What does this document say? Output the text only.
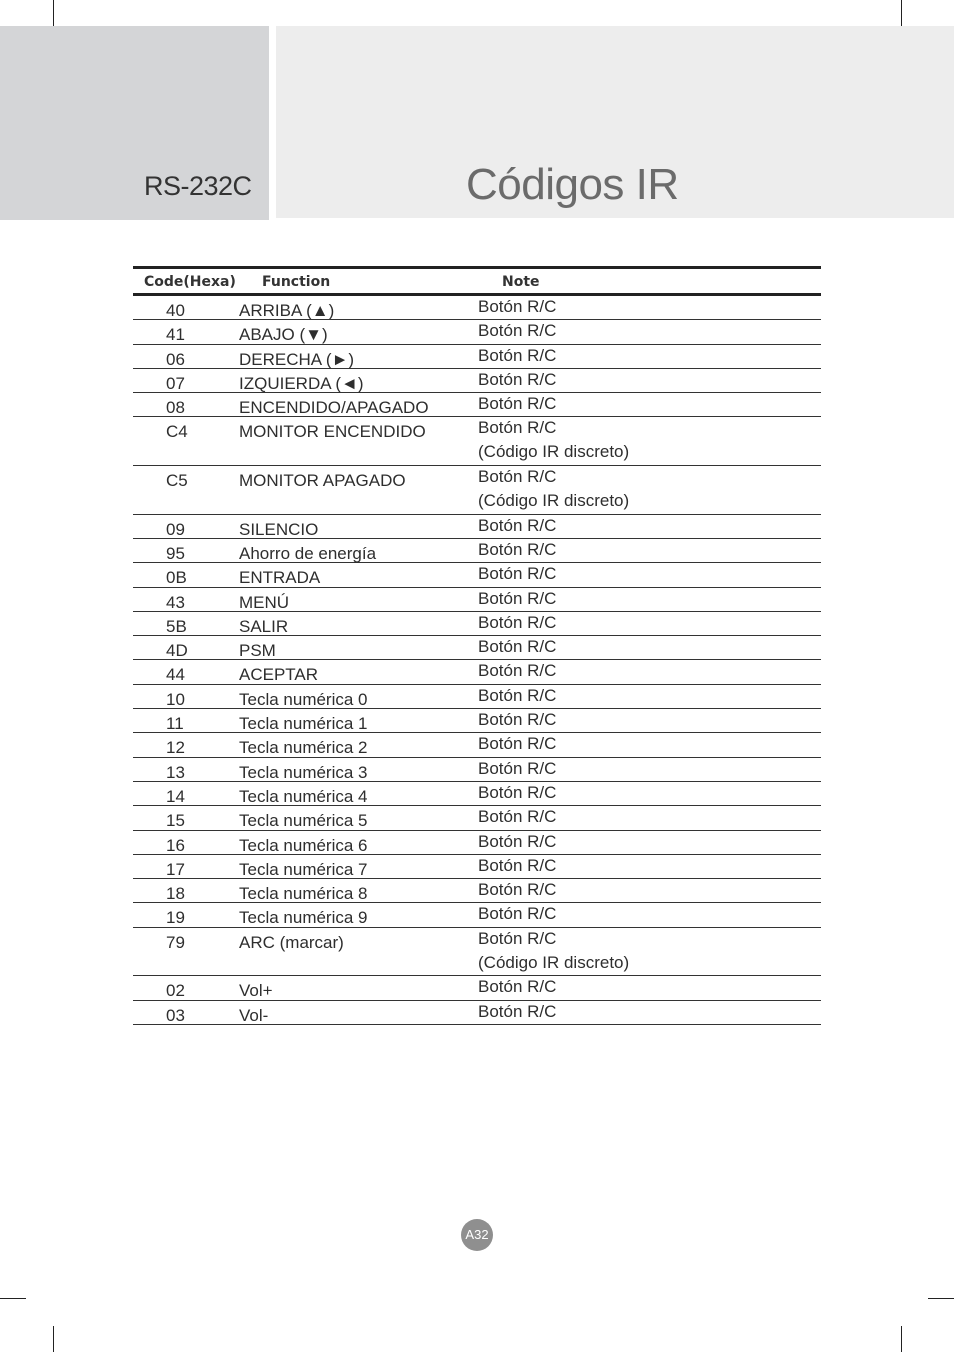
RS-232C	Códigos IR
Code(Hexa) Function	Note
40	ARRIBA (▲)	Botón R/C
41	ABAJO (▼)	Botón R/C
06	DERECHA (►)	Botón R/C
07	IZQUIERDA (◄)	Botón R/C
08	ENCENDIDO/APAGADO	Botón R/C
C4	MONITOR ENCENDIDO	Botón R/C
(Código IR discreto)
C5	MONITOR APAGADO	Botón R/C
(Código IR discreto)
09	SILENCIO	Botón R/C
95	Ahorro de energía	Botón R/C
0B	ENTRADA	Botón R/C
43	MENÚ	Botón R/C
5B	SALIR	Botón R/C
4D	PSM	Botón R/C
44	ACEPTAR	Botón R/C
10	Tecla numérica 0	Botón R/C
11	Tecla numérica 1	Botón R/C
12	Tecla numérica 2	Botón R/C
13	Tecla numérica 3	Botón R/C
14	Tecla numérica 4	Botón R/C
15	Tecla numérica 5	Botón R/C
16	Tecla numérica 6	Botón R/C
17	Tecla numérica 7	Botón R/C
18	Tecla numérica 8	Botón R/C
19	Tecla numérica 9	Botón R/C
79	ARC (marcar)	Botón R/C
(Código IR discreto)
02	Vol+	Botón R/C
03	Vol-	Botón R/C
A32
